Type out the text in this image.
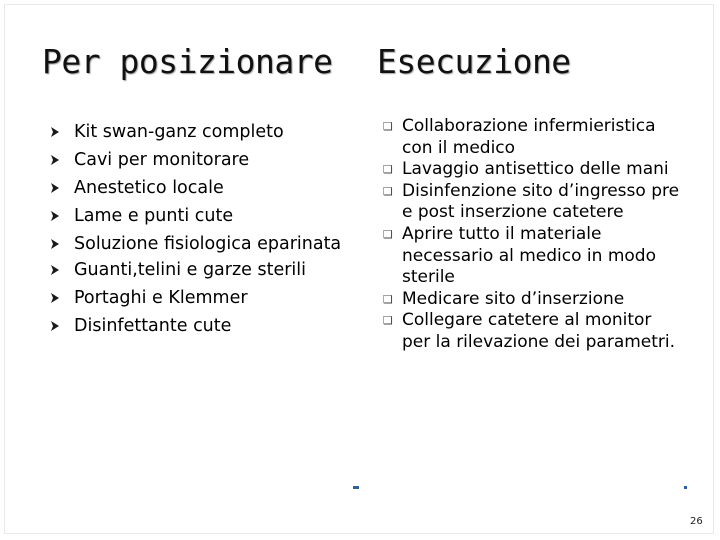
Per posizionare Esecuzione
Kit swan-ganz completo
Cavi per monitorare
Anestetico locale
Lame e punti cute
Soluzione fisiologica eparinata
Guanti,telini e garze sterili
Portaghi e Klemmer
Disinfettante cute
❑ Collaborazione infermieristica con il medico
❑ Lavaggio antisettico delle mani
❑ Disinfenzione sito d’ingresso pre e post inserzione catetere
❑ Aprire tutto il materiale necessario al medico in modo sterile
❑ Medicare sito d’inserzione
❑ Collegare catetere al monitor per la rilevazione dei parametri.
26
